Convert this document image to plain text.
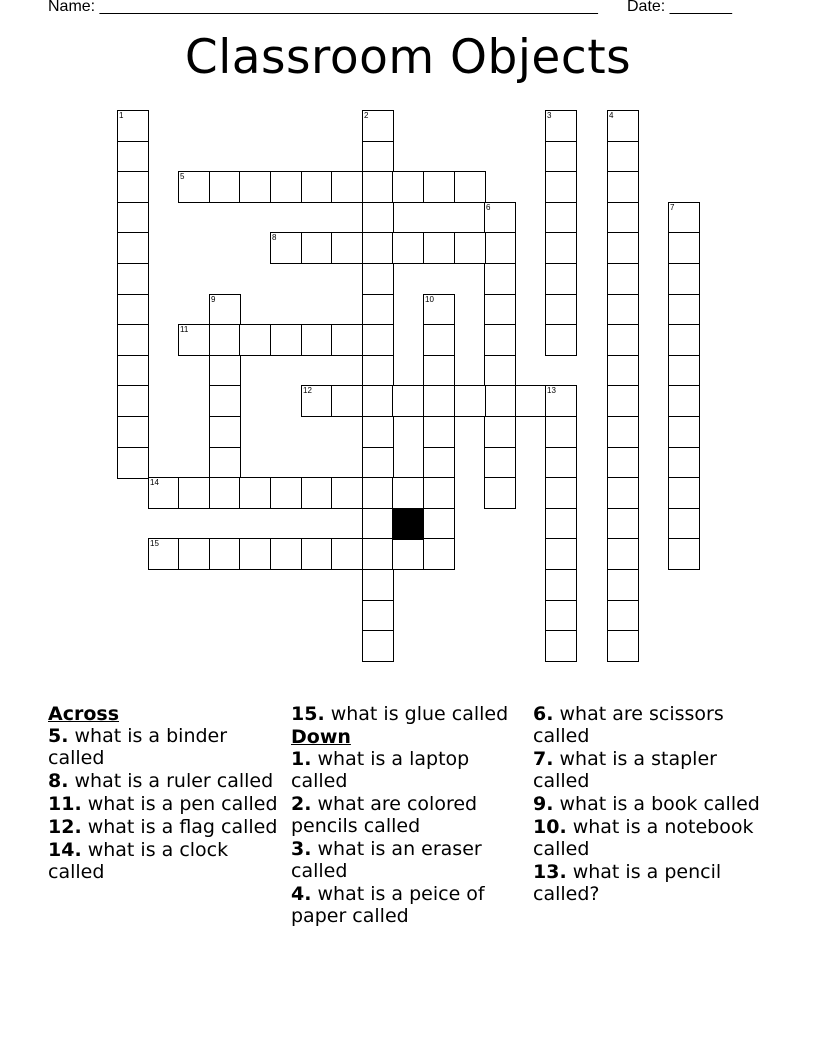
Name: ________________________________________________________ Date: _______
Classroom Objects
1	2	3	4
5
6	7
8
9	10
11
12	13
14
15
Across
5. what is a binder called
8. what is a ruler called
11. what is a pen called
12. what is a flag called
14. what is a clock called
15. what is glue called
Down
1. what is a laptop called
2. what are colored pencils called
3. what is an eraser called
4. what is a peice of paper called
6. what are scissors called
7. what is a stapler called
9. what is a book called
10. what is a notebook called
13. what is a pencil called?
